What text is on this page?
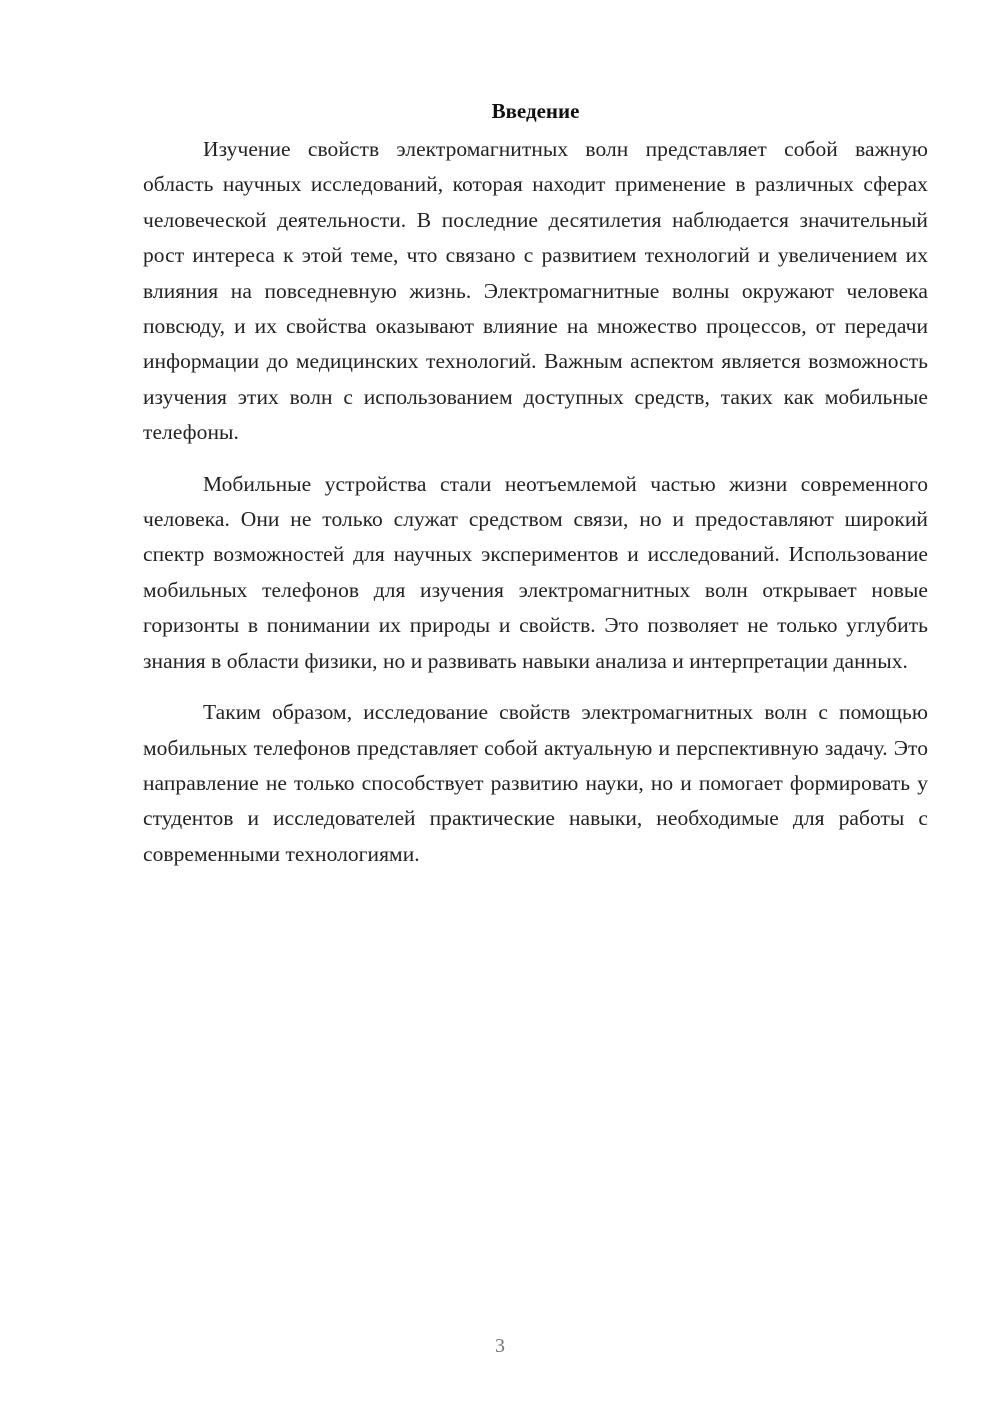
Введение

Изучение свойств электромагнитных волн представляет собой важную область научных исследований, которая находит применение в различных сферах человеческой деятельности. В последние десятилетия наблюдается значительный рост интереса к этой теме, что связано с развитием технологий и увеличением их влияния на повседневную жизнь. Электромагнитные волны окружают человека повсюду, и их свойства оказывают влияние на множество процессов, от передачи информации до медицинских технологий. Важным аспектом является возможность изучения этих волн с использованием доступных средств, таких как мобильные телефоны.

Мобильные устройства стали неотъемлемой частью жизни современного человека. Они не только служат средством связи, но и предоставляют широкий спектр возможностей для научных экспериментов и исследований. Использование мобильных телефонов для изучения электромагнитных волн открывает новые горизонты в понимании их природы и свойств. Это позволяет не только углубить знания в области физики, но и развивать навыки анализа и интерпретации данных.

Таким образом, исследование свойств электромагнитных волн с помощью мобильных телефонов представляет собой актуальную и перспективную задачу. Это направление не только способствует развитию науки, но и помогает формировать у студентов и исследователей практические навыки, необходимые для работы с современными технологиями.

3
